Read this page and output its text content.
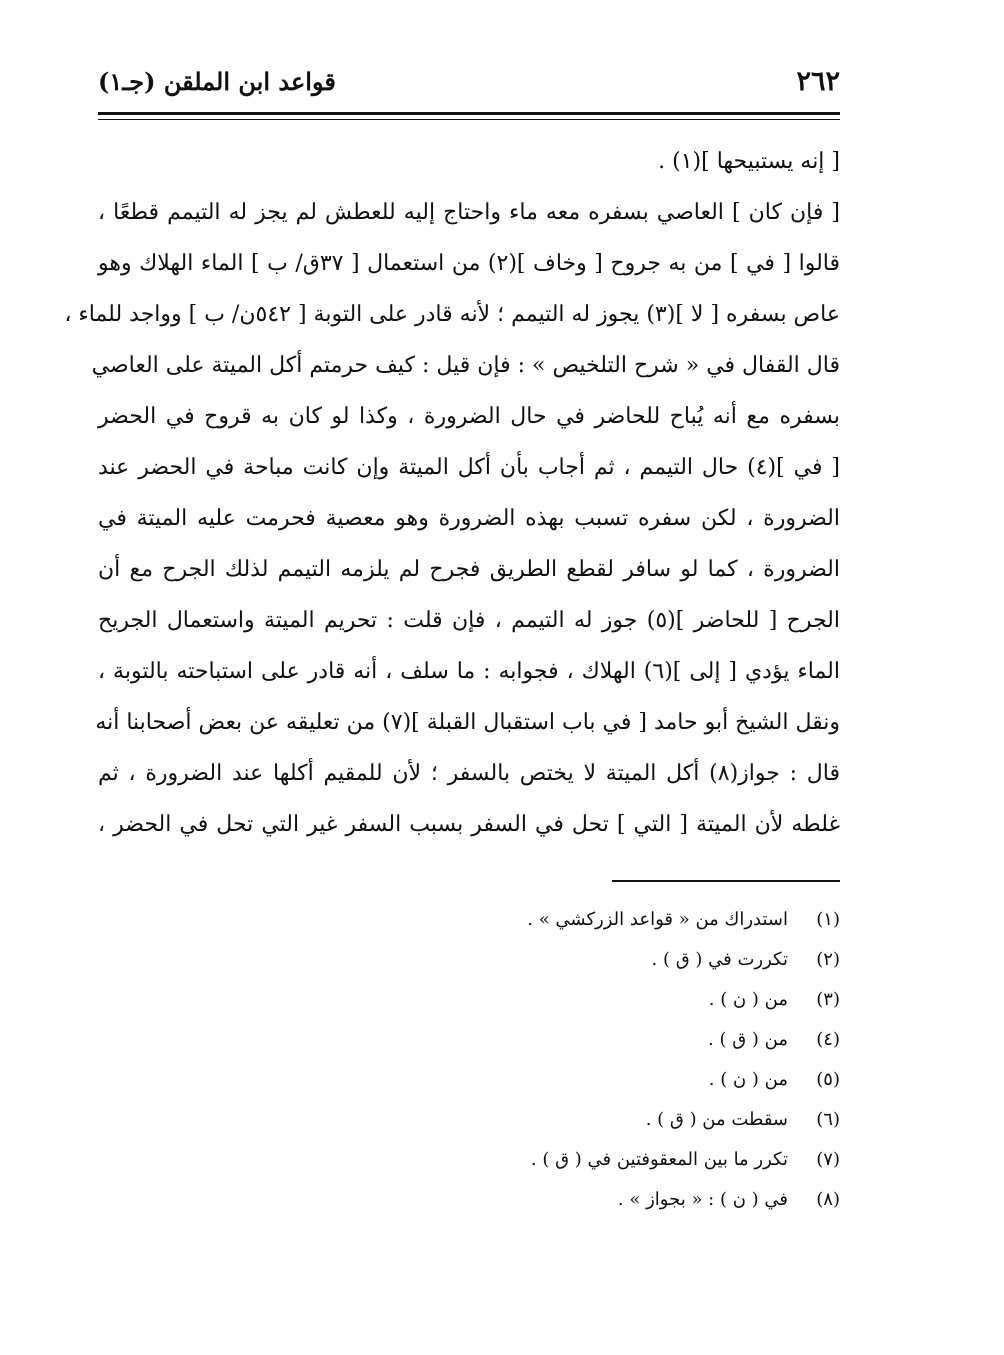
٢٦٢
قواعد ابن الملقن (جـ١)
[ إنه يستبيحها ](١) .
[ فإن كان ] العاصي بسفره معه ماء واحتاج إليه للعطش لم يجز له التيمم قطعًا ،
قالوا [ في ] من به جروح [ وخاف ](٢) من استعمال [ ٣٧ق/ ب ] الماء الهلاك وهو
عاص بسفره [ لا ](٣) يجوز له التيمم ؛ لأنه قادر على التوبة [ ٥٤٢ن/ ب ] وواجد للماء ،
قال القفال في « شرح التلخيص » : فإن قيل : كيف حرمتم أكل الميتة على العاصي
بسفره مع أنه يُباح للحاضر في حال الضرورة ، وكذا لو كان به قروح في الحضر
[ في ](٤) حال التيمم ، ثم أجاب بأن أكل الميتة وإن كانت مباحة في الحضر عند
الضرورة ، لكن سفره تسبب بهذه الضرورة وهو معصية فحرمت عليه الميتة في
الضرورة ، كما لو سافر لقطع الطريق فجرح لم يلزمه التيمم لذلك الجرح مع أن
الجرح [ للحاضر ](٥) جوز له التيمم ، فإن قلت : تحريم الميتة واستعمال الجريح
الماء يؤدي [ إلى ](٦) الهلاك ، فجوابه : ما سلف ، أنه قادر على استباحته بالتوبة ،
ونقل الشيخ أبو حامد [ في باب استقبال القبلة ](٧) من تعليقه عن بعض أصحابنا أنه
قال : جواز(٨) أكل الميتة لا يختص بالسفر ؛ لأن للمقيم أكلها عند الضرورة ، ثم
غلطه لأن الميتة [ التي ] تحل في السفر بسبب السفر غير التي تحل في الحضر ،
(١)
استدراك من « قواعد الزركشي » .
(٢)
تكررت في ( ق ) .
(٣)
من ( ن ) .
(٤)
من ( ق ) .
(٥)
من ( ن ) .
(٦)
سقطت من ( ق ) .
(٧)
تكرر ما بين المعقوفتين في ( ق ) .
(٨)
في ( ن ) : « بجواز » .
